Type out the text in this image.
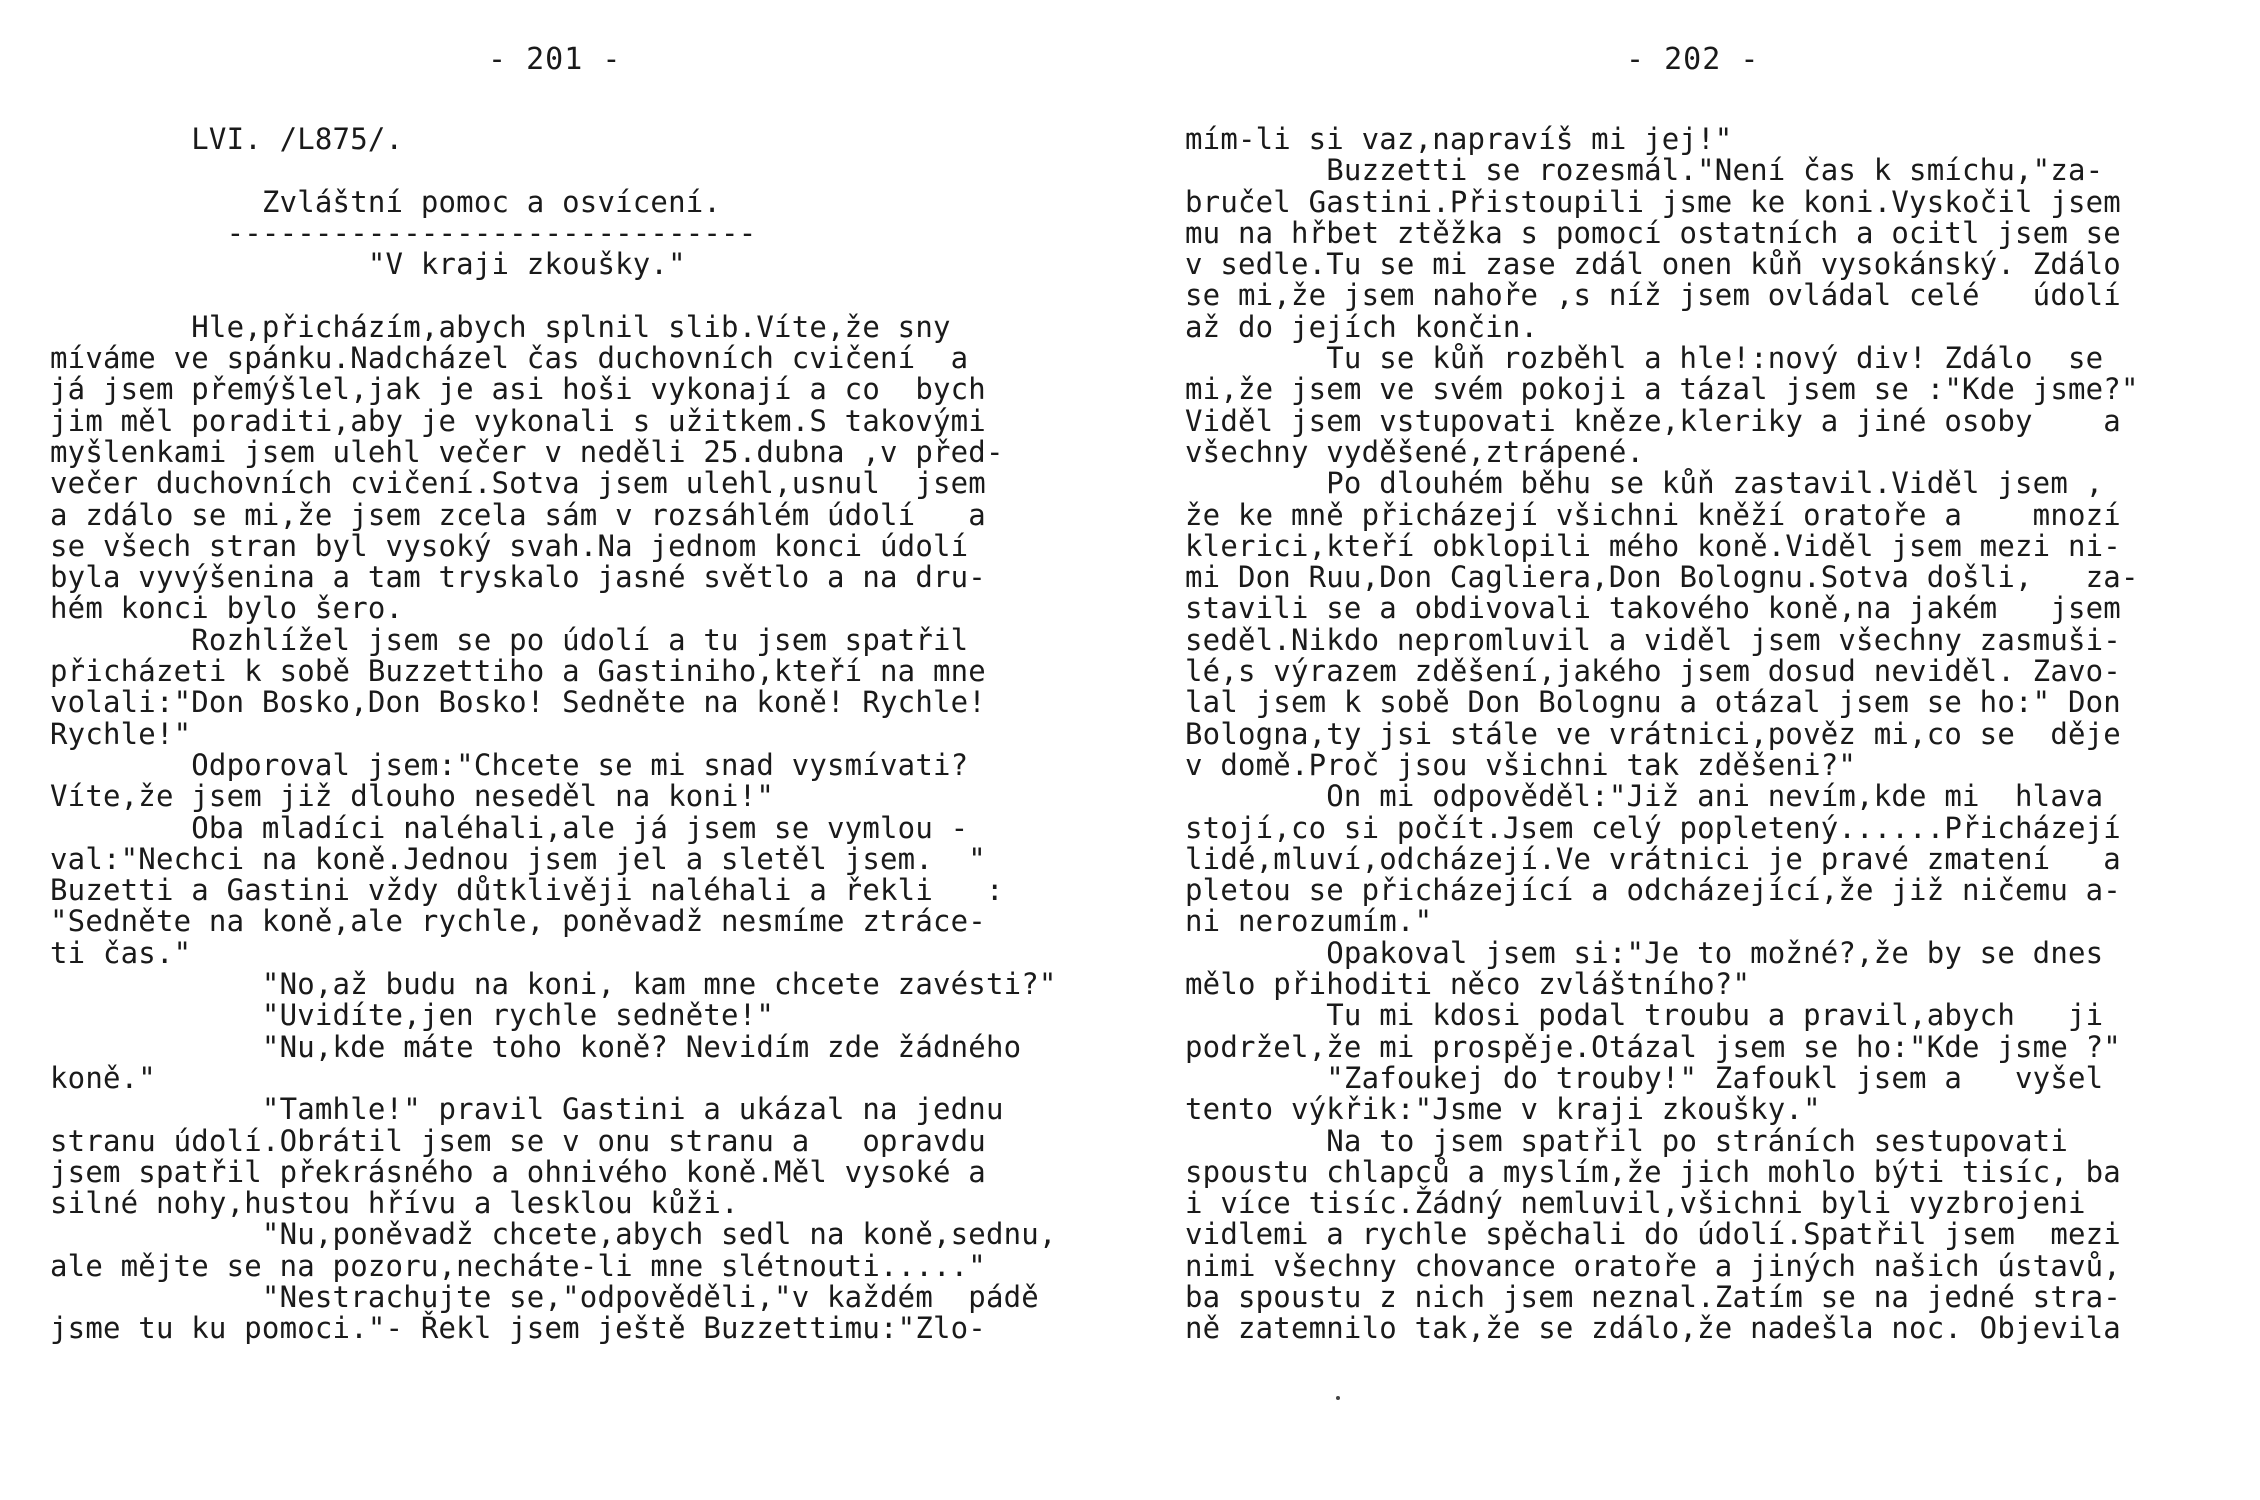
- 201 -
LVI. /L875/.

Zvláštní pomoc a osvícení.
------------------------------
"V kraji zkoušky."

Hle,přicházím,abych splnil slib.Víte,že sny
míváme ve spánku.Nadcházel čas duchovních cvičení  a
já jsem přemýšlel,jak je asi hoši vykonají a co  bych
jim měl poraditi,aby je vykonali s užitkem.S takovými
myšlenkami jsem ulehl večer v neděli 25.dubna ,v před-
večer duchovních cvičení.Sotva jsem ulehl,usnul  jsem
a zdálo se mi,že jsem zcela sám v rozsáhlém údolí   a
se všech stran byl vysoký svah.Na jednom konci údolí
byla vyvýšenina a tam tryskalo jasné světlo a na dru-
hém konci bylo šero.
Rozhlížel jsem se po údolí a tu jsem spatřil
přicházeti k sobě Buzzettiho a Gastiniho,kteří na mne
volali:"Don Bosko,Don Bosko! Sedněte na koně! Rychle!
Rychle!"
Odporoval jsem:"Chcete se mi snad vysmívati?
Víte,že jsem již dlouho neseděl na koni!"
Oba mladíci naléhali,ale já jsem se vymlou -
val:"Nechci na koně.Jednou jsem jel a sletěl jsem.  "
Buzetti a Gastini vždy důtklivěji naléhali a řekli   :
"Sedněte na koně,ale rychle, poněvadž nesmíme ztráce-
ti čas."
"No,až budu na koni, kam mne chcete zavésti?"
"Uvidíte,jen rychle sedněte!"
"Nu,kde máte toho koně? Nevidím zde žádného
koně."
"Tamhle!" pravil Gastini a ukázal na jednu
stranu údolí.Obrátil jsem se v onu stranu a   opravdu
jsem spatřil překrásného a ohnivého koně.Měl vysoké a
silné nohy,hustou hřívu a lesklou kůži.
"Nu,poněvadž chcete,abych sedl na koně,sednu,
ale mějte se na pozoru,necháte-li mne slétnouti....."
"Nestrachujte se,"odpověděli,"v každém  pádě
jsme tu ku pomoci."- Řekl jsem ještě Buzzettimu:"Zlo-
- 202 -
mím-li si vaz,napravíš mi jej!"
Buzzetti se rozesmál."Není čas k smíchu,"za-
bručel Gastini.Přistoupili jsme ke koni.Vyskočil jsem
mu na hřbet ztěžka s pomocí ostatních a ocitl jsem se
v sedle.Tu se mi zase zdál onen kůň vysokánský. Zdálo
se mi,že jsem nahoře ,s níž jsem ovládal celé   údolí
až do jejích končin.
Tu se kůň rozběhl a hle!:nový div! Zdálo  se
mi,že jsem ve svém pokoji a tázal jsem se :"Kde jsme?"
Viděl jsem vstupovati kněze,kleriky a jiné osoby    a
všechny vyděšené,ztrápené.
Po dlouhém běhu se kůň zastavil.Viděl jsem ,
že ke mně přicházejí všichni kněží oratoře a    mnozí
klerici,kteří obklopili mého koně.Viděl jsem mezi ni-
mi Don Ruu,Don Cagliera,Don Bolognu.Sotva došli,   za-
stavili se a obdivovali takového koně,na jakém   jsem
seděl.Nikdo nepromluvil a viděl jsem všechny zasmuši-
lé,s výrazem zděšení,jakého jsem dosud neviděl. Zavo-
lal jsem k sobě Don Bolognu a otázal jsem se ho:" Don
Bologna,ty jsi stále ve vrátnici,pověz mi,co se  děje
v domě.Proč jsou všichni tak zděšeni?"
On mi odpověděl:"Již ani nevím,kde mi  hlava
stojí,co si počít.Jsem celý popletený......Přicházejí
lidé,mluví,odcházejí.Ve vrátnici je pravé zmatení   a
pletou se přicházející a odcházející,že již ničemu a-
ni nerozumím."
Opakoval jsem si:"Je to možné?,že by se dnes
mělo přihoditi něco zvláštního?"
Tu mi kdosi podal troubu a pravil,abych   ji
podržel,že mi prospěje.Otázal jsem se ho:"Kde jsme ?"
"Zafoukej do trouby!" Zafoukl jsem a   vyšel
tento výkřik:"Jsme v kraji zkoušky."
Na to jsem spatřil po stráních sestupovati
spoustu chlapců a myslím,že jich mohlo býti tisíc, ba
i více tisíc.Žádný nemluvil,všichni byli vyzbrojeni
vidlemi a rychle spěchali do údolí.Spatřil jsem  mezi
nimi všechny chovance oratoře a jiných našich ústavů,
ba spoustu z nich jsem neznal.Zatím se na jedné stra-
ně zatemnilo tak,že se zdálo,že nadešla noc. Objevila
